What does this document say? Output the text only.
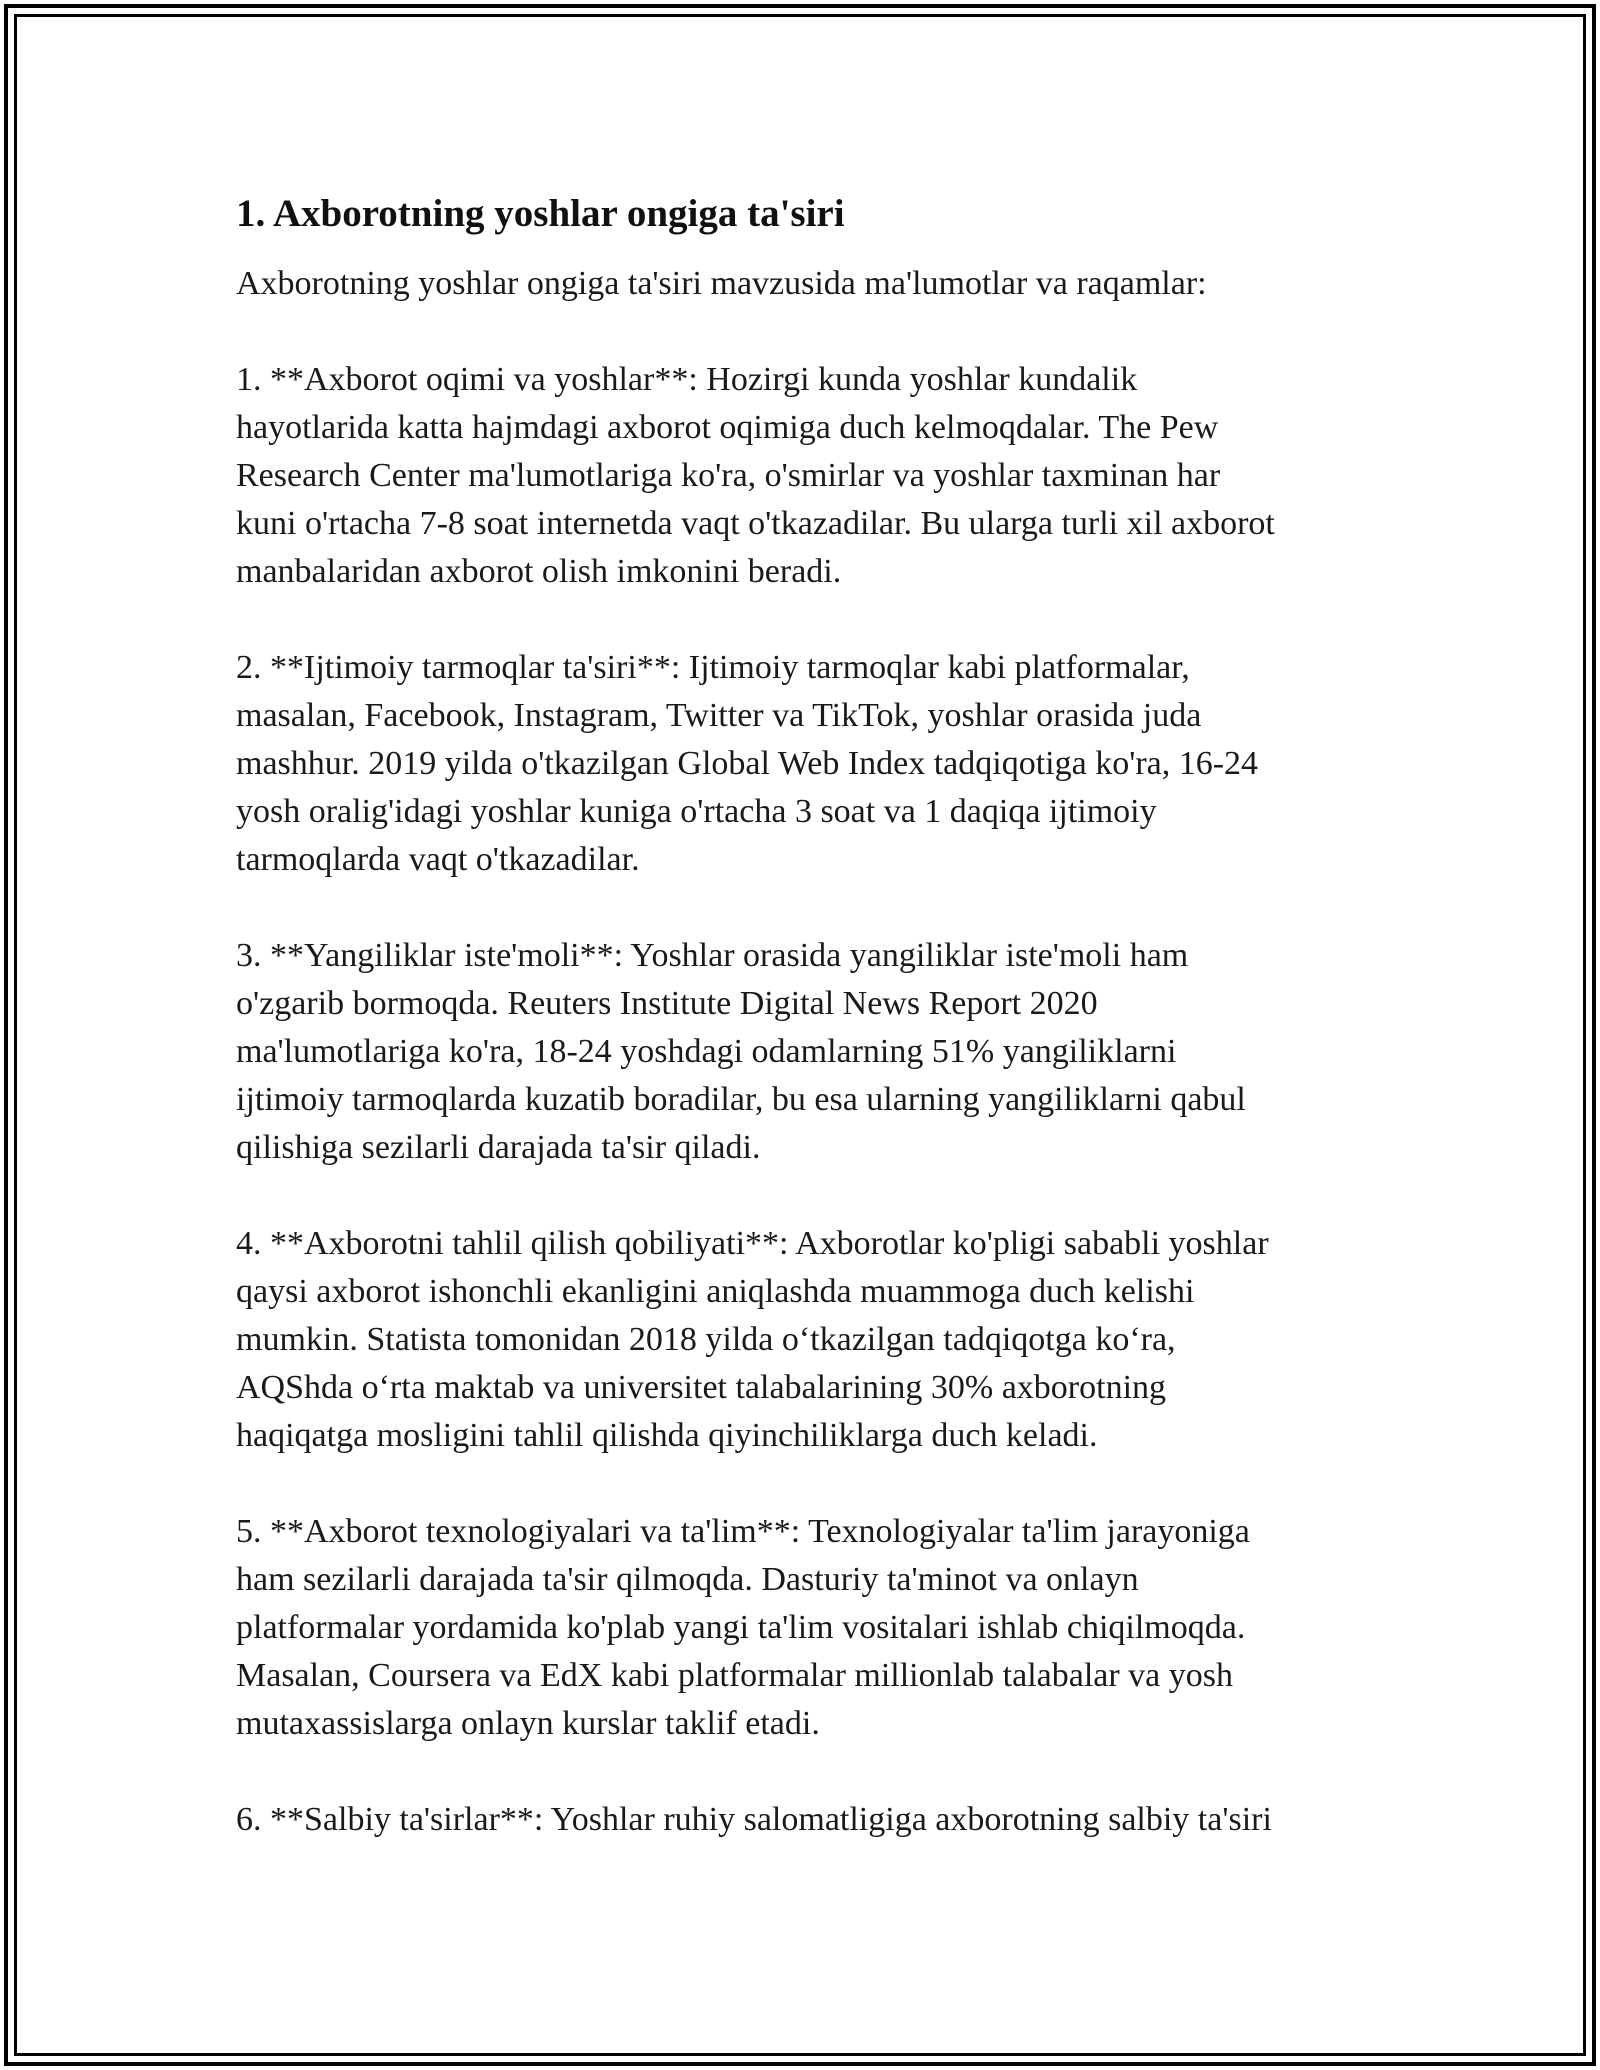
1. Axborotning yoshlar ongiga ta'siri

Axborotning yoshlar ongiga ta'siri mavzusida ma'lumotlar va raqamlar:

1. **Axborot oqimi va yoshlar**: Hozirgi kunda yoshlar kundalik
hayotlarida katta hajmdagi axborot oqimiga duch kelmoqdalar. The Pew
Research Center ma'lumotlariga ko'ra, o'smirlar va yoshlar taxminan har
kuni o'rtacha 7-8 soat internetda vaqt o'tkazadilar. Bu ularga turli xil axborot
manbalaridan axborot olish imkonini beradi.

2. **Ijtimoiy tarmoqlar ta'siri**: Ijtimoiy tarmoqlar kabi platformalar,
masalan, Facebook, Instagram, Twitter va TikTok, yoshlar orasida juda
mashhur. 2019 yilda o'tkazilgan Global Web Index tadqiqotiga ko'ra, 16-24
yosh oralig'idagi yoshlar kuniga o'rtacha 3 soat va 1 daqiqa ijtimoiy
tarmoqlarda vaqt o'tkazadilar.

3. **Yangiliklar iste'moli**: Yoshlar orasida yangiliklar iste'moli ham
o'zgarib bormoqda. Reuters Institute Digital News Report 2020
ma'lumotlariga ko'ra, 18-24 yoshdagi odamlarning 51% yangiliklarni
ijtimoiy tarmoqlarda kuzatib boradilar, bu esa ularning yangiliklarni qabul
qilishiga sezilarli darajada ta'sir qiladi.

4. **Axborotni tahlil qilish qobiliyati**: Axborotlar ko'pligi sababli yoshlar
qaysi axborot ishonchli ekanligini aniqlashda muammoga duch kelishi
mumkin. Statista tomonidan 2018 yilda oʻtkazilgan tadqiqotga koʻra,
AQShda oʻrta maktab va universitet talabalarining 30% axborotning
haqiqatga mosligini tahlil qilishda qiyinchiliklarga duch keladi.

5. **Axborot texnologiyalari va ta'lim**: Texnologiyalar ta'lim jarayoniga
ham sezilarli darajada ta'sir qilmoqda. Dasturiy ta'minot va onlayn
platformalar yordamida ko'plab yangi ta'lim vositalari ishlab chiqilmoqda.
Masalan, Coursera va EdX kabi platformalar millionlab talabalar va yosh
mutaxassislarga onlayn kurslar taklif etadi.

6. **Salbiy ta'sirlar**: Yoshlar ruhiy salomatligiga axborotning salbiy ta'siri
